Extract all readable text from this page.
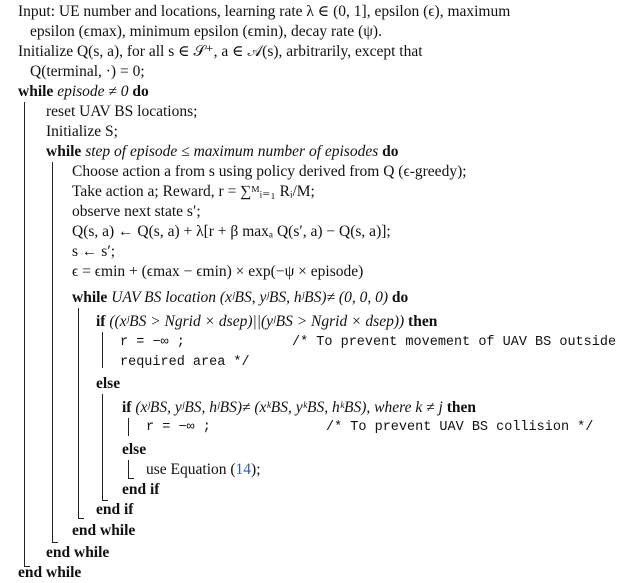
Input: UE number and locations, learning rate λ ∈ (0, 1], epsilon (ϵ), maximum
epsilon (ϵmax), minimum epsilon (ϵmin), decay rate (ψ).
Initialize Q(s, a), for all s ∈ 𝒮⁺, a ∈ 𝒜(s), arbitrarily, except that
Q(terminal, ·) = 0;
while episode ≠ 0 do
reset UAV BS locations;
Initialize S;
while step of episode ≤ maximum number of episodes do
Choose action a from s using policy derived from Q (ϵ-greedy);
Take action a; Reward, r = ∑ᴹᵢ₌₁ Rᵢ/M;
observe next state s′;
Q(s, a) ← Q(s, a) + λ[r + β maxₐ Q(s′, a) − Q(s, a)];
s ← s′;
ϵ = ϵmin + (ϵmax − ϵmin) × exp(−ψ × episode)
while UAV BS location (xʲBS, yʲBS, hʲBS)≠ (0, 0, 0) do
if ((xʲBS > Ngrid × dsep)||(yʲBS > Ngrid × dsep)) then
r = −∞ ;	/* To prevent movement of UAV BS outside
required area */
else
if (xʲBS, yʲBS, hʲBS)≠ (xᵏBS, yᵏBS, hᵏBS), where k ≠ j then
r = −∞ ;	/* To prevent UAV BS collision */
else
use Equation (14);
end if
end if
end while
end while
end while
